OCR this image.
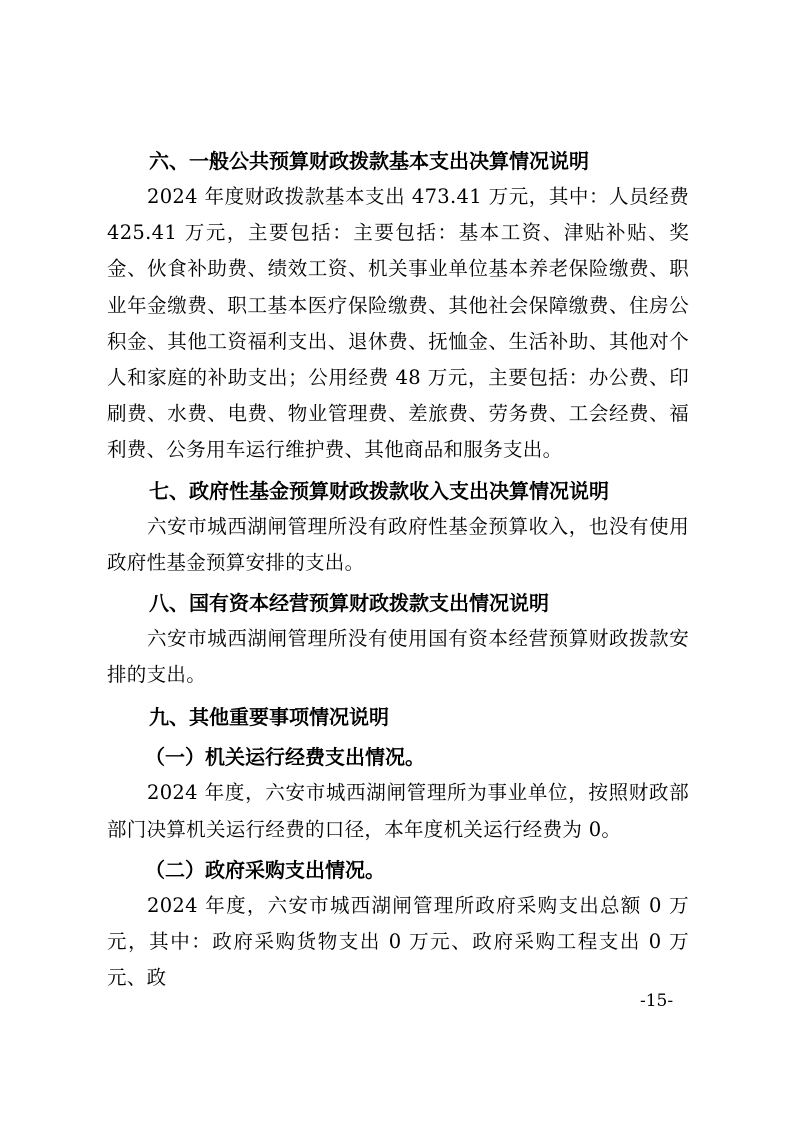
六、一般公共预算财政拨款基本支出决算情况说明

2024 年度财政拨款基本支出 473.41 万元，其中：人员经费 425.41 万元，主要包括：主要包括：基本工资、津贴补贴、奖金、伙食补助费、绩效工资、机关事业单位基本养老保险缴费、职业年金缴费、职工基本医疗保险缴费、其他社会保障缴费、住房公积金、其他工资福利支出、退休费、抚恤金、生活补助、其他对个人和家庭的补助支出；公用经费 48 万元，主要包括：办公费、印刷费、水费、电费、物业管理费、差旅费、劳务费、工会经费、福利费、公务用车运行维护费、其他商品和服务支出。

七、政府性基金预算财政拨款收入支出决算情况说明

六安市城西湖闸管理所没有政府性基金预算收入，也没有使用政府性基金预算安排的支出。

八、国有资本经营预算财政拨款支出情况说明

六安市城西湖闸管理所没有使用国有资本经营预算财政拨款安排的支出。

九、其他重要事项情况说明
（一）机关运行经费支出情况。

2024 年度，六安市城西湖闸管理所为事业单位，按照财政部部门决算机关运行经费的口径，本年度机关运行经费为 0。

（二）政府采购支出情况。

2024 年度，六安市城西湖闸管理所政府采购支出总额 0 万元，其中：政府采购货物支出 0 万元、政府采购工程支出 0 万元、政

-15-
